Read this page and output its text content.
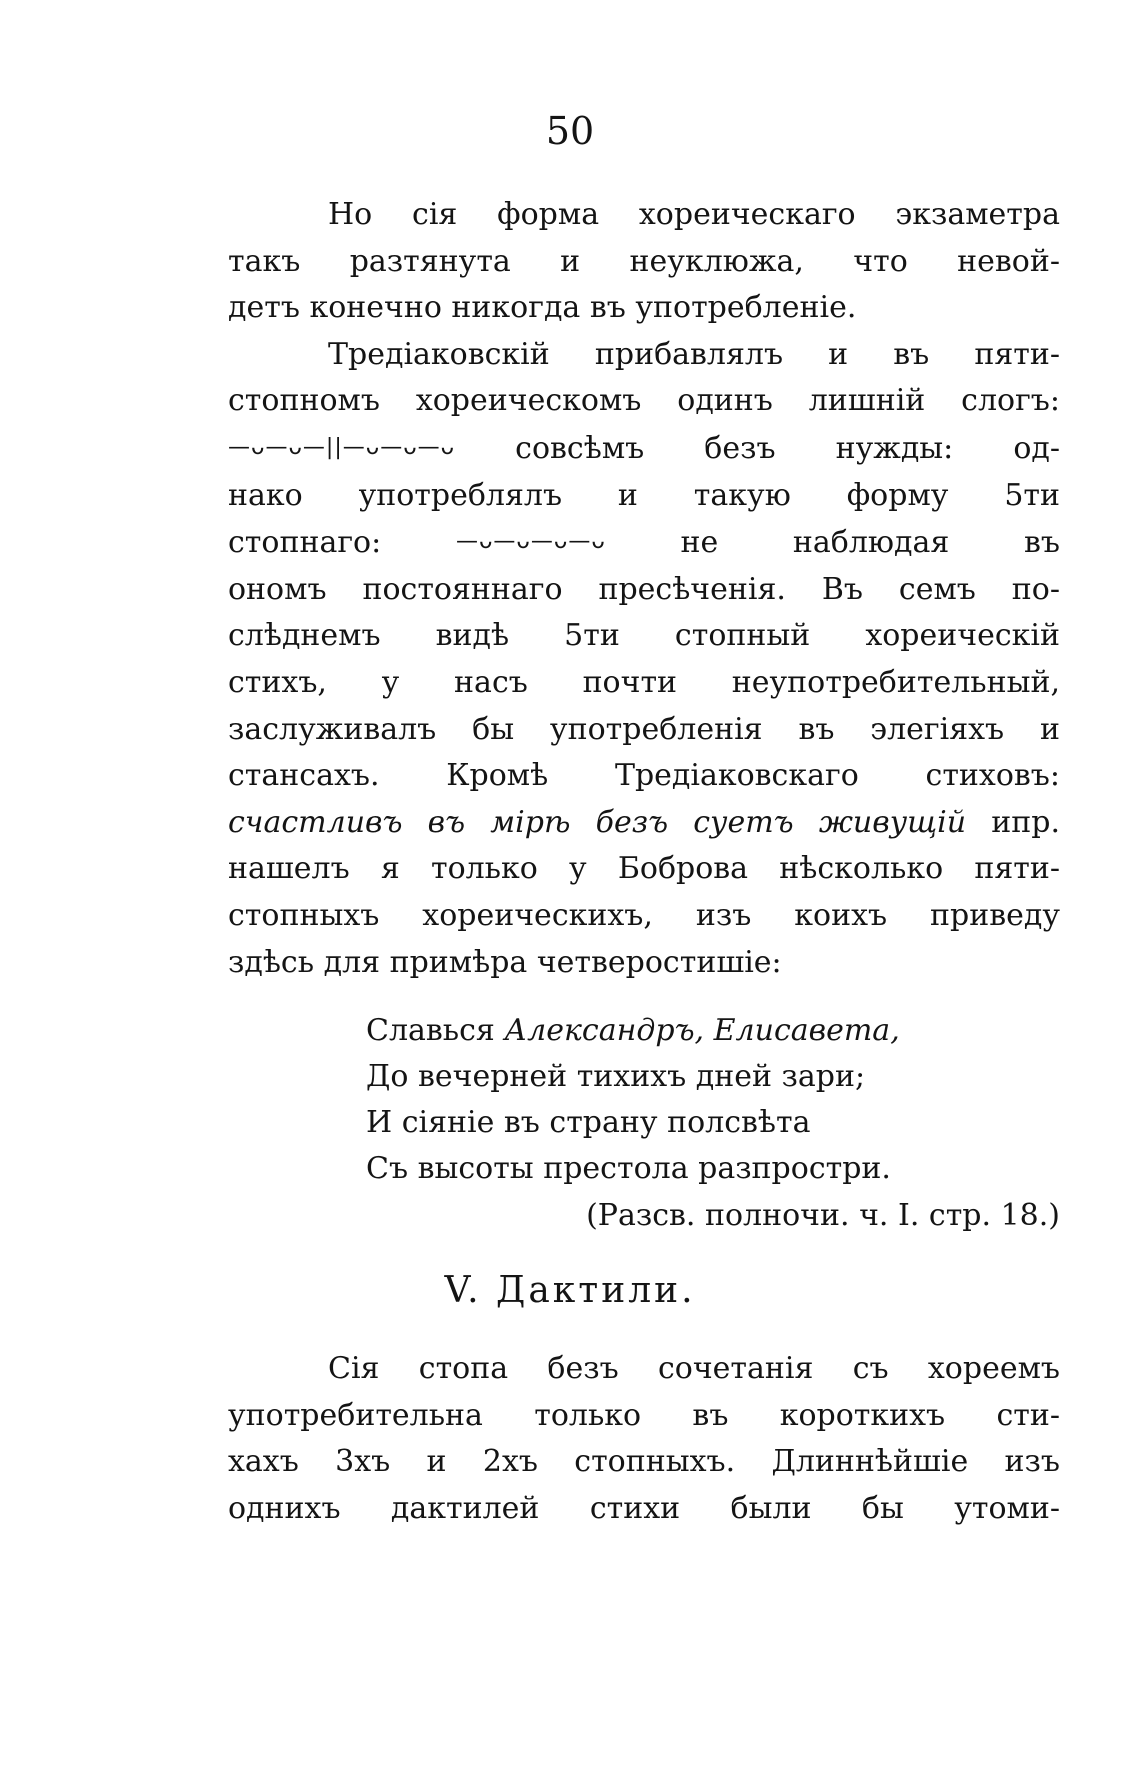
50
Но сія форма хореическаго экзаметра
такъ разтянута и неуклюжа, что невой-
детъ конечно никогда въ употребленіе.
Тредіаковскій прибавлялъ и въ пяти-
стопномъ хореическомъ одинъ лишній слогъ:
—ᴗ—ᴗ—||—ᴗ—ᴗ—ᴗ совсѣмъ безъ нужды: од-
нако употреблялъ и такую форму 5ти
стопнаго:	—ᴗ—ᴗ—ᴗ—ᴗ не наблюдая въ
ономъ постояннаго пресѣченія. Въ семъ по-
слѣднемъ видѣ 5ти стопный хореическій
стихъ, у насъ почти неупотребительный,
заслуживалъ бы употребленія въ элегіяхъ и
стансахъ. Кромѣ Тредіаковскаго стиховъ:
счастливъ въ мірѣ безъ суетъ живущій ипр.
нашелъ я только у Боброва нѣсколько пяти-
стопныхъ хореическихъ, изъ коихъ приведу
здѣсь для примѣра четверостишіе:
Славься Александръ, Елисавета,
До вечерней тихихъ дней зари;
И сіяніе въ страну полсвѣта
Съ высоты престола разпростри.
(Разсв. полночи. ч. I. стр. 18.)
V. Дактили.
Сія стопа безъ сочетанія съ хореемъ
употребительна только въ короткихъ сти-
хахъ 3хъ и 2хъ стопныхъ. Длиннѣйшіе изъ
однихъ дактилей стихи были бы утоми-
